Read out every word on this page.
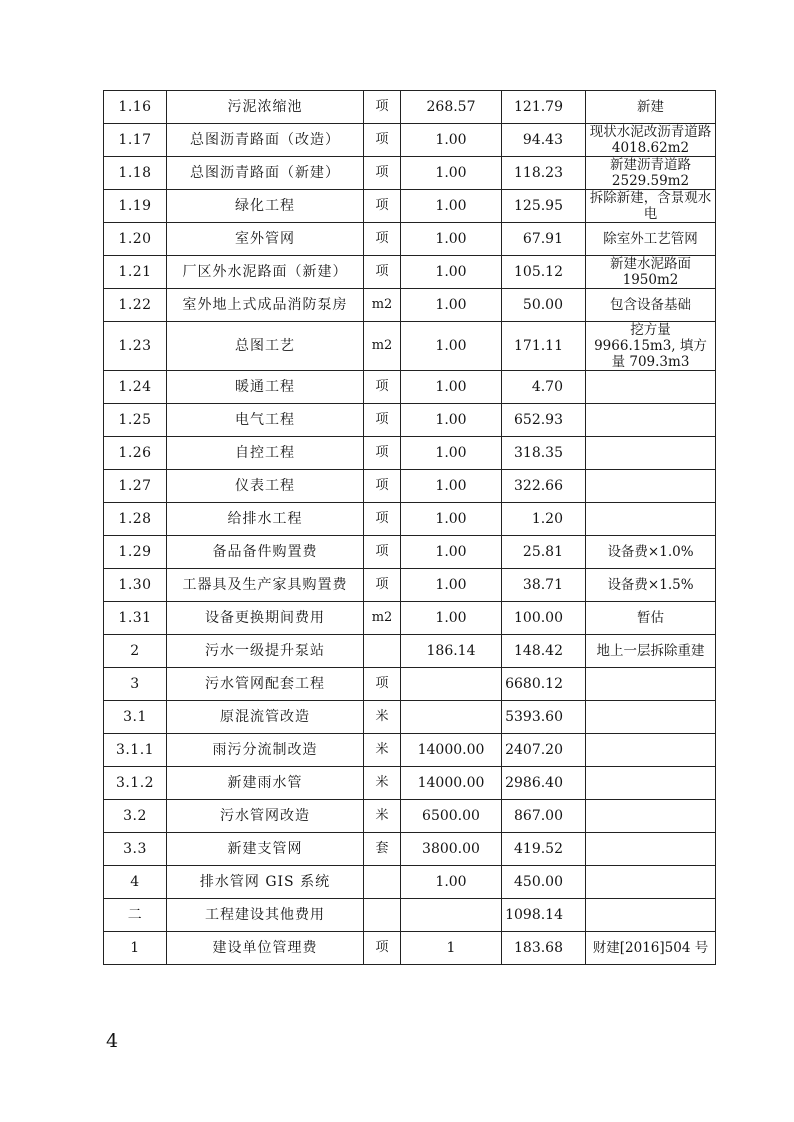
1.16	污泥浓缩池	项	268.57	121.79	新建
1.17	总图沥青路面（改造）	项	1.00	94.43	现状水泥改沥青道路 4018.62m2
1.18	总图沥青路面（新建）	项	1.00	118.23	新建沥青道路 2529.59m2
1.19	绿化工程	项	1.00	125.95	拆除新建，含景观水电
1.20	室外管网	项	1.00	67.91	除室外工艺管网
1.21	厂区外水泥路面（新建）	项	1.00	105.12	新建水泥路面 1950m2
1.22	室外地上式成品消防泵房	m2	1.00	50.00	包含设备基础
1.23	总图工艺	m2	1.00	171.11	挖方量 9966.15m3, 填方量 709.3m3
1.24	暖通工程	项	1.00	4.70	
1.25	电气工程	项	1.00	652.93	
1.26	自控工程	项	1.00	318.35	
1.27	仪表工程	项	1.00	322.66	
1.28	给排水工程	项	1.00	1.20	
1.29	备品备件购置费	项	1.00	25.81	设备费×1.0%
1.30	工器具及生产家具购置费	项	1.00	38.71	设备费×1.5%
1.31	设备更换期间费用	m2	1.00	100.00	暂估
2	污水一级提升泵站		186.14	148.42	地上一层拆除重建
3	污水管网配套工程	项		6680.12	
3.1	原混流管改造	米		5393.60	
3.1.1	雨污分流制改造	米	14000.00	2407.20	
3.1.2	新建雨水管	米	14000.00	2986.40	
3.2	污水管网改造	米	6500.00	867.00	
3.3	新建支管网	套	3800.00	419.52	
4	排水管网 GIS 系统		1.00	450.00	
二	工程建设其他费用			1098.14	
1	建设单位管理费	项	1	183.68	财建[2016]504 号
4
